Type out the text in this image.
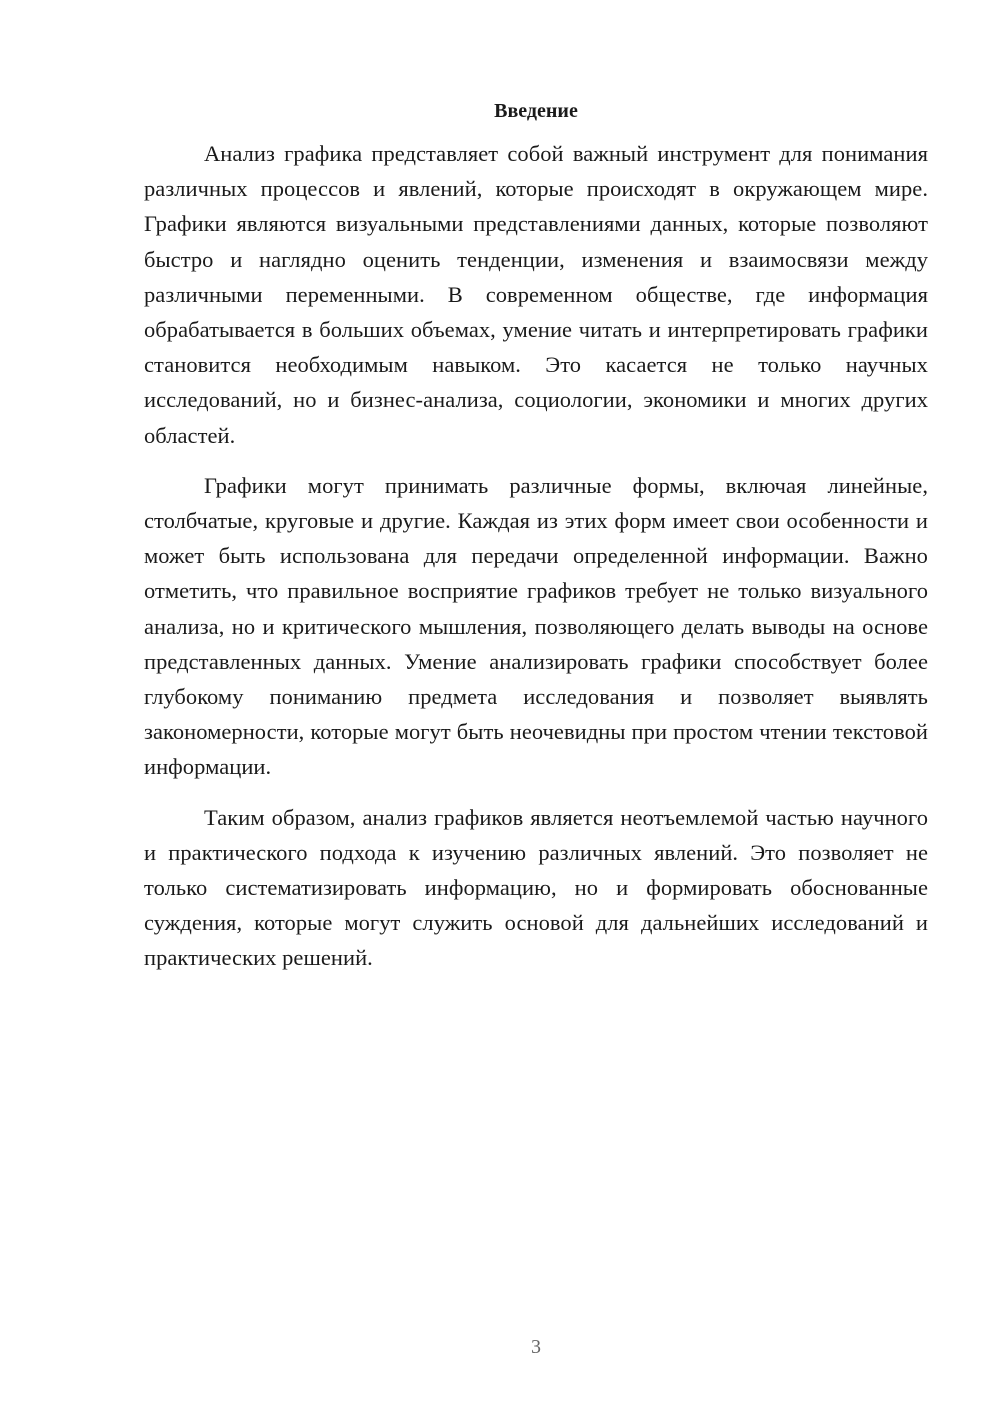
Введение

Анализ графика представляет собой важный инструмент для понимания различных процессов и явлений, которые происходят в окружающем мире. Графики являются визуальными представлениями данных, которые позволяют быстро и наглядно оценить тенденции, изменения и взаимосвязи между различными переменными. В современном обществе, где информация обрабатывается в больших объемах, умение читать и интерпретировать графики становится необходимым навыком. Это касается не только научных исследований, но и бизнес-анализа, социологии, экономики и многих других областей.

Графики могут принимать различные формы, включая линейные, столбчатые, круговые и другие. Каждая из этих форм имеет свои особенности и может быть использована для передачи определенной информации. Важно отметить, что правильное восприятие графиков требует не только визуального анализа, но и критического мышления, позволяющего делать выводы на основе представленных данных. Умение анализировать графики способствует более глубокому пониманию предмета исследования и позволяет выявлять закономерности, которые могут быть неочевидны при простом чтении текстовой информации.

Таким образом, анализ графиков является неотъемлемой частью научного и практического подхода к изучению различных явлений. Это позволяет не только систематизировать информацию, но и формировать обоснованные суждения, которые могут служить основой для дальнейших исследований и практических решений.

3
